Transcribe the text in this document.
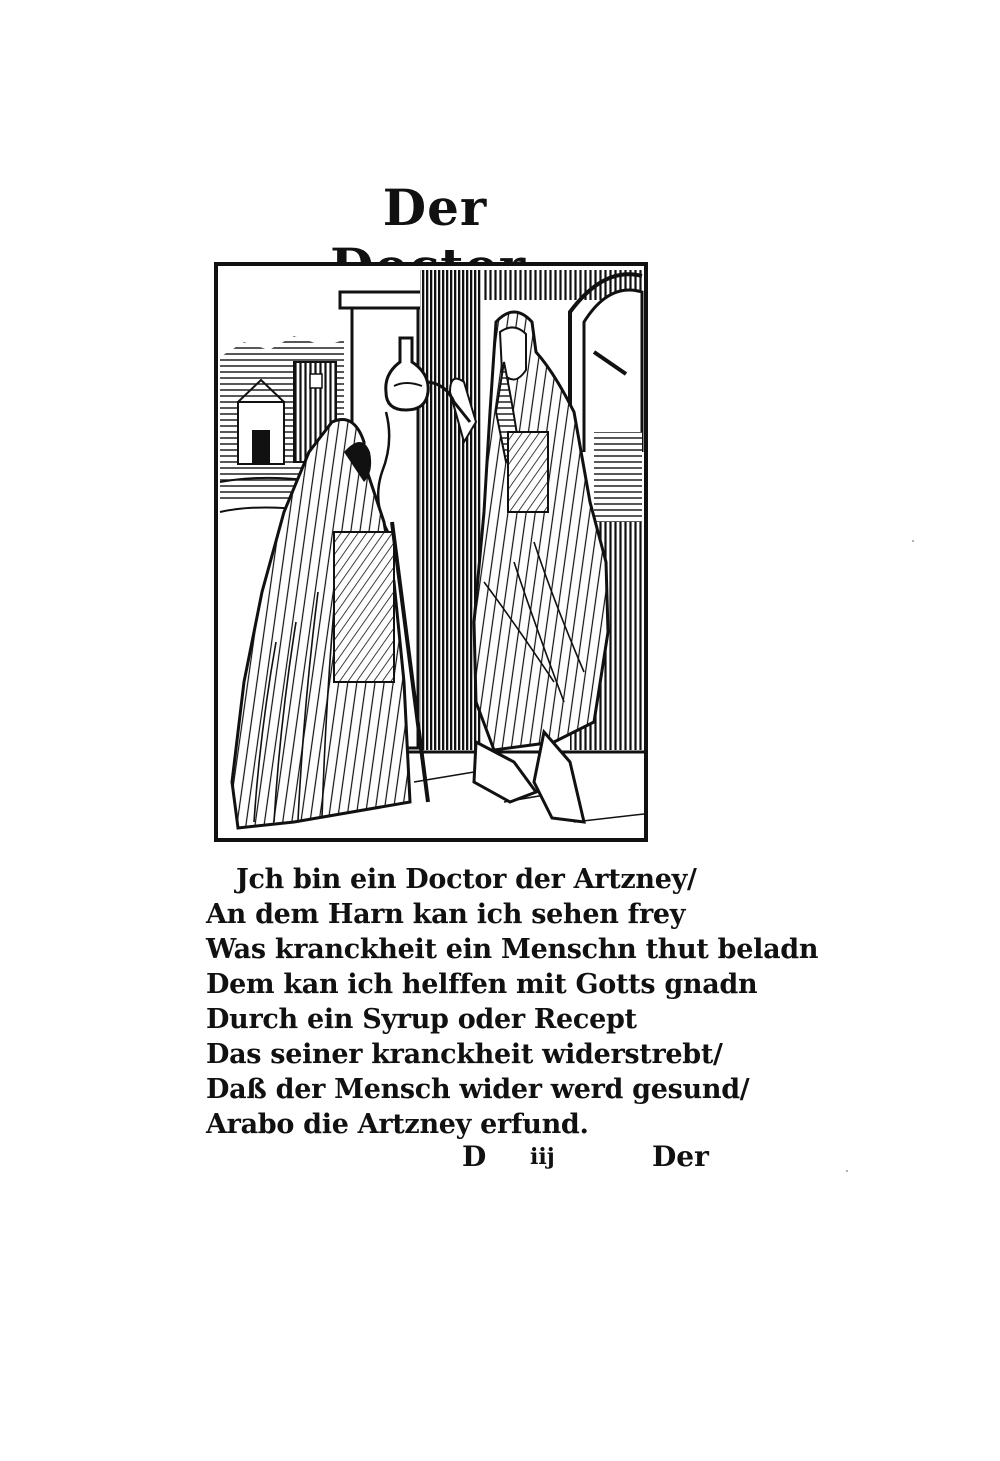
Der
Jch bin ein Doctor der Artzney/
An dem Harn kan ich sehen frey
Was kranckheit ein Menschn thut beladn
Dem kan ich helffen mit Gotts gnadn
Durch ein Syrup oder Recept
Das seiner kranckheit widerstrebt/
Daß der Mensch wider werd gesund/
Arabo die Artzney erfund.
D iij	Der
